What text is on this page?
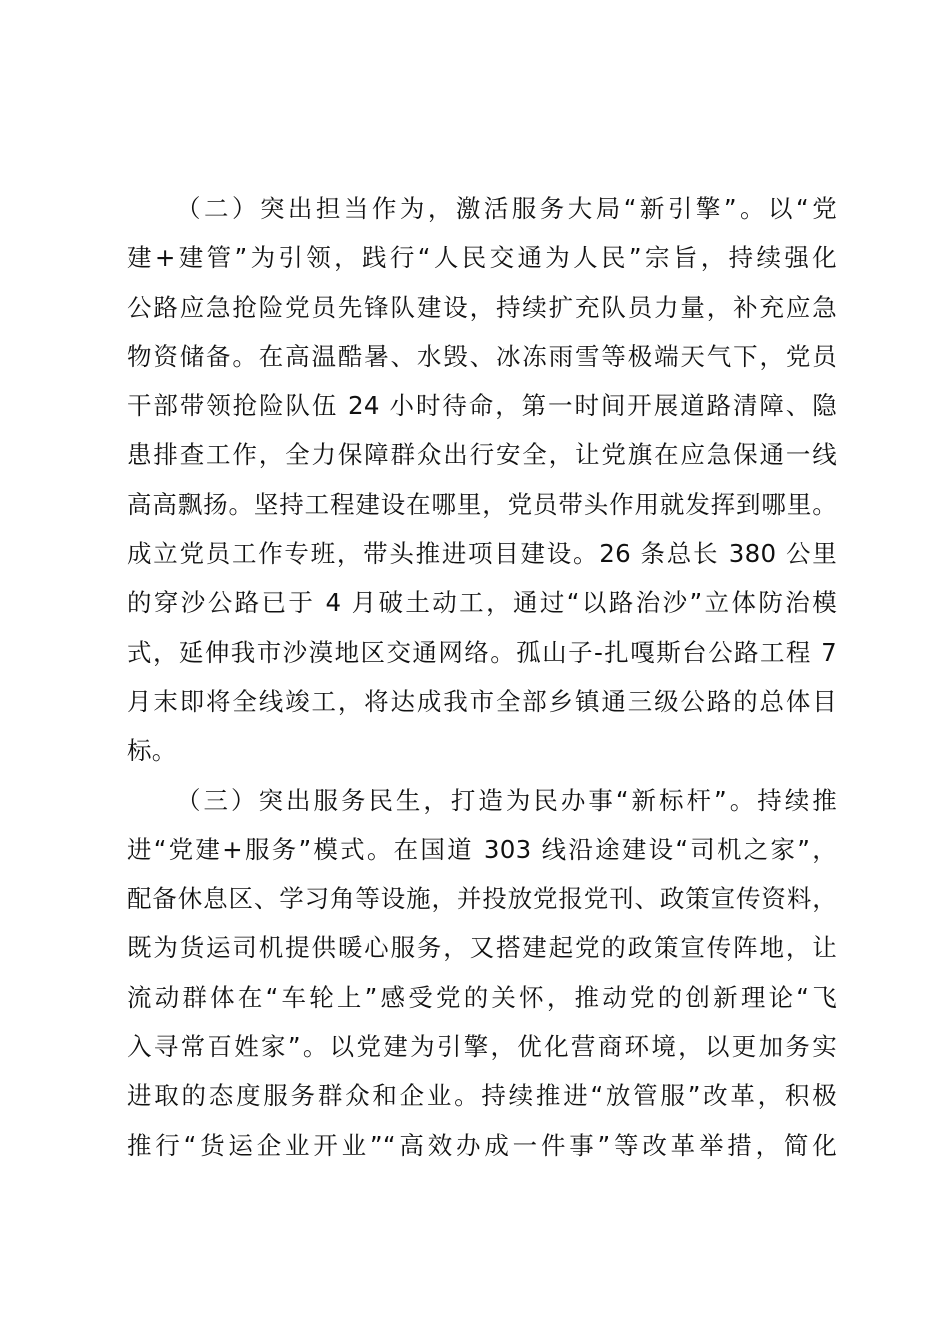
（二）突出担当作为，激活服务大局“新引擎”。以“党
建+建管”为引领，践行“人民交通为人民”宗旨，持续强化
公路应急抢险党员先锋队建设，持续扩充队员力量，补充应急
物资储备。在高温酷暑、水毁、冰冻雨雪等极端天气下，党员
干部带领抢险队伍 24 小时待命，第一时间开展道路清障、隐
患排查工作，全力保障群众出行安全，让党旗在应急保通一线
高高飘扬。坚持工程建设在哪里，党员带头作用就发挥到哪里。
成立党员工作专班，带头推进项目建设。26 条总长 380 公里
的穿沙公路已于 4 月破土动工，通过“以路治沙”立体防治模
式，延伸我市沙漠地区交通网络。孤山子-扎嘎斯台公路工程 7
月末即将全线竣工，将达成我市全部乡镇通三级公路的总体目
标。
（三）突出服务民生，打造为民办事“新标杆”。持续推
进“党建+服务”模式。在国道 303 线沿途建设“司机之家”，
配备休息区、学习角等设施，并投放党报党刊、政策宣传资料，
既为货运司机提供暖心服务，又搭建起党的政策宣传阵地，让
流动群体在“车轮上”感受党的关怀，推动党的创新理论“飞
入寻常百姓家”。以党建为引擎，优化营商环境，以更加务实
进取的态度服务群众和企业。持续推进“放管服”改革，积极
推行“货运企业开业”“高效办成一件事”等改革举措，简化
